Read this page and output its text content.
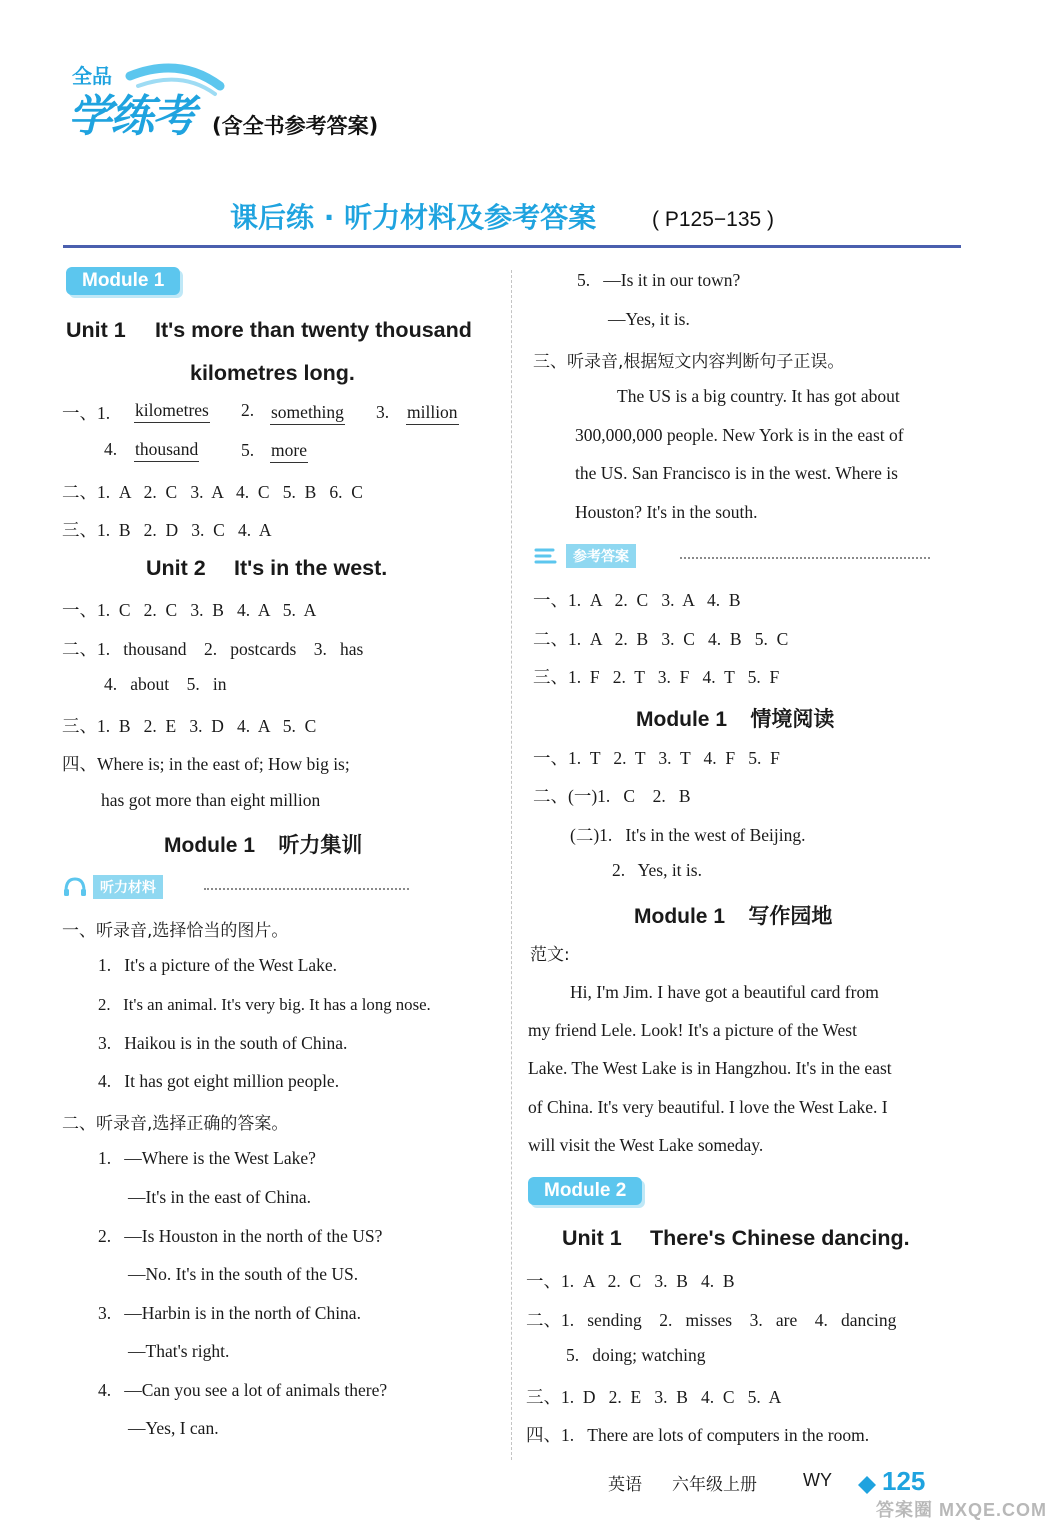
全品
学练考 (含全书参考答案)
课后练 · 听力材料及参考答案	( P125−135 )
Module 1
Unit 1 It's more than twenty thousand
kilometres long.
一、1. kilometres 2. something 3. million
4. thousand 5. more
二、1.  A   2.  C   3.  A   4.  C   5.  B   6.  C
三、1.  B   2.  D   3.  C   4.  A
Unit 2 It's in the west.
一、1.  C   2.  C   3.  B   4.  A   5.  A
二、1.   thousand    2.   postcards    3.   has
4.   about    5.   in
三、1.  B   2.  E   3.  D   4.  A   5.  C
四、Where is; in the east of; How big is;
has got more than eight million
Module 1    听力集训
听力材料
一、听录音,选择恰当的图片。
1.   It's a picture of the West Lake.
2.   It's an animal. It's very big. It has a long nose.
3.   Haikou is in the south of China.
4.   It has got eight million people.
二、听录音,选择正确的答案。
1.   —Where is the West Lake?
—It's in the east of China.
2.   —Is Houston in the north of the US?
—No. It's in the south of the US.
3.   —Harbin is in the north of China.
—That's right.
4.   —Can you see a lot of animals there?
—Yes, I can.
5.   —Is it in our town?
—Yes, it is.
三、听录音,根据短文内容判断句子正误。
The US is a big country. It has got about
300,000,000 people. New York is in the east of
the US. San Francisco is in the west. Where is
Houston? It's in the south.
参考答案
一、1.  A   2.  C   3.  A   4.  B
二、1.  A   2.  B   3.  C   4.  B   5.  C
三、1.  F   2.  T   3.  F   4.  T   5.  F
Module 1    情境阅读
一、1.  T   2.  T   3.  T   4.  F   5.  F
二、(一)1.   C    2.   B
(二)1.   It's in the west of Beijing.
2.   Yes, it is.
Module 1    写作园地
范文:
Hi, I'm Jim. I have got a beautiful card from
my friend Lele. Look! It's a picture of the West
Lake. The West Lake is in Hangzhou. It's in the east
of China. It's very beautiful. I love the West Lake. I
will visit the West Lake someday.
Module 2
Unit 1 There's Chinese dancing.
一、1.  A   2.  C   3.  B   4.  B
二、1.   sending    2.   misses    3.   are    4.   dancing
5.   doing; watching
三、1.  D   2.  E   3.  B   4.  C   5.  A
四、1.   There are lots of computers in the room.
英语 六年级上册	WY 125
答案圈 MXQE.COM
